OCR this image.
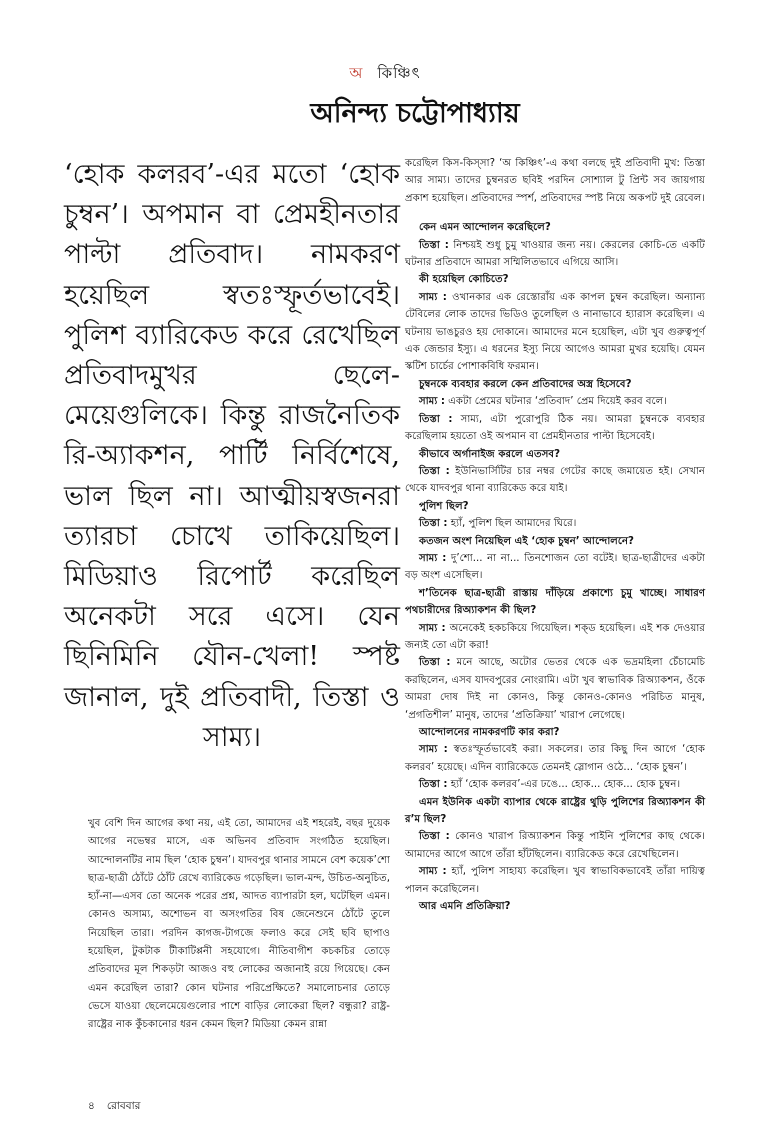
অ কিঞ্চিৎ
অনিন্দ্য চট্টোপাধ্যায়
‘হোক কলরব’-এর মতো ‘হোক চুম্বন’। অপমান বা প্রেমহীনতার পাল্টা প্রতিবাদ। নামকরণ হয়েছিল স্বতঃস্ফূর্তভাবেই। পুলিশ ব্যারিকেড করে রেখেছিল প্রতিবাদমুখর ছেলে-মেয়েগুলিকে। কিন্তু রাজনৈতিক রি-অ্যাকশন, পার্টি নির্বিশেষে, ভাল ছিল না। আত্মীয়স্বজনরা ত্যারচা চোখে তাকিয়েছিল। মিডিয়াও রিপোর্ট করেছিল অনেকটা সরে এসে। যেন ছিনিমিনি যৌন-খেলা! স্পষ্ট জানাল, দুই প্রতিবাদী, তিস্তা ও সাম্য।
খুব বেশি দিন আগের কথা নয়, এই তো, আমাদের এই শহরেই, বছর দুয়েক আগের নভেম্বর মাসে, এক অভিনব প্রতিবাদ সংগঠিত হয়েছিল। আন্দোলনটির নাম ছিল ‘হোক চুম্বন’। যাদবপুর থানার সামনে বেশ কয়েক’শো ছাত্র-ছাত্রী ঠোঁটে ঠোঁট রেখে ব্যারিকেড গড়েছিল। ভাল-মন্দ, উচিত-অনুচিত, হ্যাঁ-না—এসব তো অনেক পরের প্রশ্ন, আদত ব্যাপারটা হল, ঘটেছিল এমন। কোনও অসাম্য, অশোভন বা অসংগতির বিষ জেনেশুনে ঠোঁটে তুলে নিয়েছিল তারা। পরদিন কাগজ-টাগজে ফলাও করে সেই ছবি ছাপাও হয়েছিল, টুকটাক টীকাটিপ্পনী সহযোগে। নীতিবাগীশ কচকচির তোড়ে প্রতিবাদের মূল শিকড়টা আজও বহু লোকের অজানাই রয়ে গিয়েছে। কেন এমন করেছিল তারা? কোন ঘটনার পরিপ্রেক্ষিতে? সমালোচনার তোড়ে ভেসে যাওয়া ছেলেমেয়েগুলোর পাশে বাড়ির লোকেরা ছিল? বন্ধুরা? রাষ্ট্র-রাষ্ট্রের নাক কুঁচকানোর ধরন কেমন ছিল? মিডিয়া কেমন রান্না

করেছিল কিস-কিস্‌সা? ‘অ কিঞ্চিৎ’-এ কথা বলছে দুই প্রতিবাদী মুখ: তিস্তা আর সাম্য। তাদের চুম্বনরত ছবিই পরদিন সোশ্যাল টু প্রিন্ট সব জায়গায় প্রকাশ হয়েছিল। প্রতিবাদের স্পর্শ, প্রতিবাদের স্পষ্ট নিয়ে অকপট দুই রেবেল।

কেন এমন আন্দোলন করেছিলে?

তিস্তা : নিশ্চয়ই শুধু চুমু খাওয়ার জন্য নয়। কেরলের কোচি-তে একটি ঘটনার প্রতিবাদে আমরা সম্মিলিতভাবে এগিয়ে আসি।

কী হয়েছিল কোচিতে?

সাম্য : ওখানকার এক রেস্তোরাঁয় এক কাপল চুম্বন করেছিল। অন্যান্য টেবিলের লোক তাদের ভিডিও তুলেছিল ও নানাভাবে হ্যারাস করেছিল। এ ঘটনায় ভাঙচুরও হয় দোকানে। আমাদের মনে হয়েছিল, এটা খুব গুরুত্বপূর্ণ এক জেন্ডার ইস্যু। এ ধরনের ইস্যু নিয়ে আগেও আমরা মুখর হয়েছি। যেমন স্কটিশ চার্চের পোশাকবিধি ফরমান।

চুম্বনকে ব্যবহার করলে কেন প্রতিবাদের অস্ত্র হিসেবে?

সাম্য : একটা প্রেমের ঘটনার ‘প্রতিবাদ’ প্রেম দিয়েই করব বলে।

তিস্তা : সাম্য, এটা পুরোপুরি ঠিক নয়। আমরা চুম্বনকে ব্যবহার করেছিলাম হয়তো ওই অপমান বা প্রেমহীনতার পাল্টা হিসেবেই।

কীভাবে অর্গানাইজ করলে এতসব?

তিস্তা : ইউনিভার্সিটির চার নম্বর গেটের কাছে জমায়েত হই। সেখান থেকে যাদবপুর থানা ব্যারিকেড করে যাই।

পুলিশ ছিল?

তিস্তা : হ্যাঁ, পুলিশ ছিল আমাদের ঘিরে।

কতজন অংশ নিয়েছিল এই ‘হোক চুম্বন’ আন্দোলনে?

সাম্য : দু’শো... না না... তিনশোজন তো বটেই। ছাত্র-ছাত্রীদের একটা বড় অংশ এসেছিল।

শ’তিনেক ছাত্র-ছাত্রী রাস্তায় দাঁড়িয়ে প্রকাশ্যে চুমু খাচ্ছে। সাধারণ পথচারীদের রিঅ্যাকশন কী ছিল?

সাম্য : অনেকেই হকচকিয়ে গিয়েছিল। শক্‌ড হয়েছিল। এই শক দেওয়ার জন্যই তো এটা করা!

তিস্তা : মনে আছে, অটোর ভেতর থেকে এক ভদ্রমহিলা চেঁচামেচি করছিলেন, এসব যাদবপুরের নোংরামি। এটা খুব স্বাভাবিক রিঅ্যাকশন, ওঁকে আমরা দোষ দিই না কোনও, কিন্তু কোনও-কোনও পরিচিত মানুষ, ‘প্রগতিশীল’ মানুষ, তাদের ‘প্রতিক্রিয়া’ খারাপ লেগেছে।

আন্দোলনের নামকরণটি কার করা?

সাম্য : স্বতঃস্ফূর্তভাবেই করা। সকলের। তার কিছু দিন আগে ‘হোক কলরব’ হয়েছে। এদিন ব্যারিকেডে তেমনই স্লোগান ওঠে... ‘হোক চুম্বন’।

তিস্তা : হ্যাঁ ‘হোক কলরব’-এর ঢঙে... হোক... হোক... হোক চুম্বন।

এমন ইউনিক একটা ব্যাপার থেকে রাষ্ট্রের থুড়ি পুলিশের রিঅ্যাকশন কী র’ম ছিল?

তিস্তা : কোনও খারাপ রিঅ্যাকশন কিন্তু পাইনি পুলিশের কাছ থেকে। আমাদের আগে আগে তাঁরা হাঁটছিলেন। ব্যারিকেড করে রেখেছিলেন।

সাম্য : হ্যাঁ, পুলিশ সাহায্য করেছিল। খুব স্বাভাবিকভাবেই তাঁরা দায়িত্ব পালন করেছিলেন।

আর এমনি প্রতিক্রিয়া?

৪ রোববার
